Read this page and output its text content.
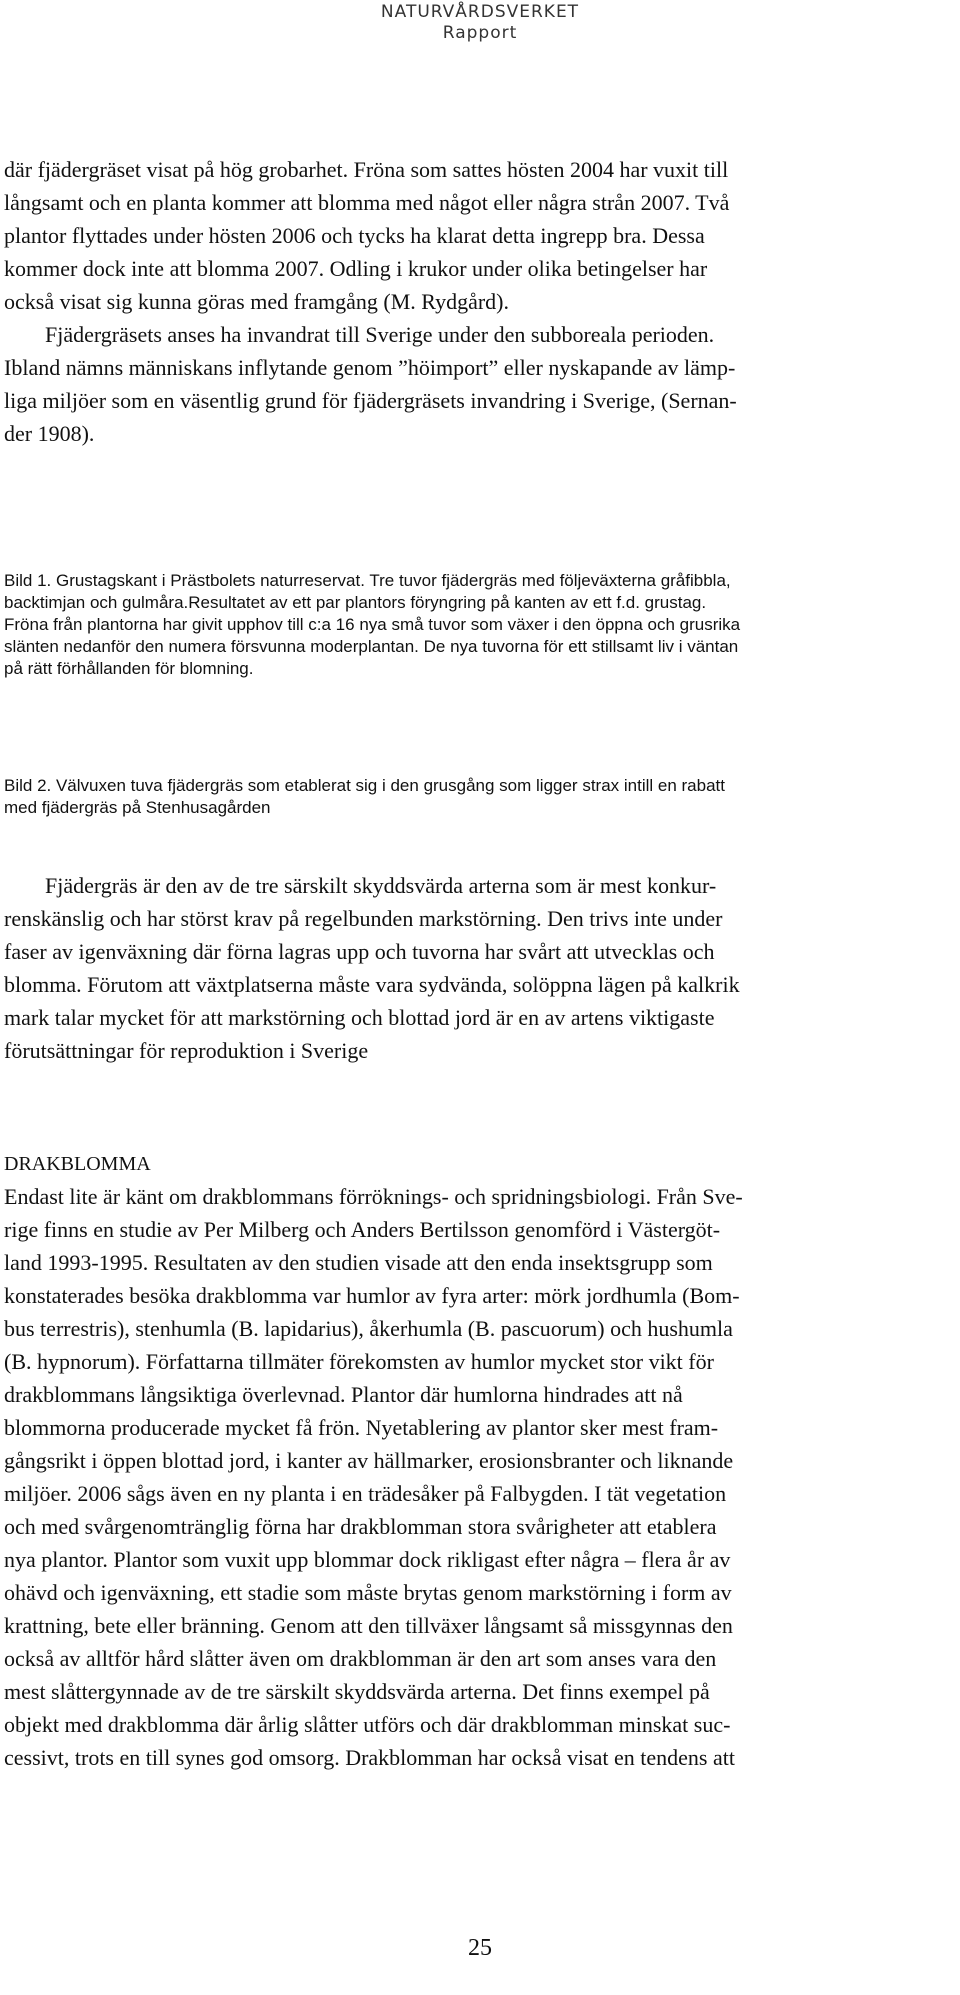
NATURVÅRDSVERKET
Rapport
där fjädergräset visat på hög grobarhet. Fröna som sattes hösten 2004 har vuxit till
långsamt och en planta kommer att blomma med något eller några strån 2007. Två
plantor flyttades under hösten 2006 och tycks ha klarat detta ingrepp bra. Dessa
kommer dock inte att blomma 2007. Odling i krukor under olika betingelser har
också visat sig kunna göras med framgång (M. Rydgård).
Fjädergräsets anses ha invandrat till Sverige under den subboreala perioden.
Ibland nämns människans inflytande genom ”höimport” eller nyskapande av lämp-
liga miljöer som en väsentlig grund för fjädergräsets invandring i Sverige, (Sernan-
der 1908).
Bild 1. Grustagskant i Prästbolets naturreservat. Tre tuvor fjädergräs med följeväxterna gråfibbla,
backtimjan och gulmåra.Resultatet av ett par plantors föryngring på kanten av ett f.d. grustag.
Fröna från plantorna har givit upphov till c:a 16 nya små tuvor som växer i den öppna och grusrika
slänten nedanför den numera försvunna moderplantan. De nya tuvorna för ett stillsamt liv i väntan
på rätt förhållanden för blomning.
Bild 2. Välvuxen tuva fjädergräs som etablerat sig i den grusgång som ligger strax intill en rabatt
med fjädergräs på Stenhusagården
Fjädergräs är den av de tre särskilt skyddsvärda arterna som är mest konkur-
renskänslig och har störst krav på regelbunden markstörning. Den trivs inte under
faser av igenväxning där förna lagras upp och tuvorna har svårt att utvecklas och
blomma. Förutom att växtplatserna måste vara sydvända, solöppna lägen på kalkrik
mark talar mycket för att markstörning och blottad jord är en av artens viktigaste
förutsättningar för reproduktion i Sverige
DRAKBLOMMA
Endast lite är känt om drakblommans förröknings- och spridningsbiologi. Från Sve-
rige finns en studie av Per Milberg och Anders Bertilsson genomförd i Västergöt-
land 1993-1995. Resultaten av den studien visade att den enda insektsgrupp som
konstaterades besöka drakblomma var humlor av fyra arter: mörk jordhumla (Bom-
bus terrestris), stenhumla (B. lapidarius), åkerhumla (B. pascuorum) och hushumla
(B. hypnorum). Författarna tillmäter förekomsten av humlor mycket stor vikt för
drakblommans långsiktiga överlevnad. Plantor där humlorna hindrades att nå
blommorna producerade mycket få frön. Nyetablering av plantor sker mest fram-
gångsrikt i öppen blottad jord, i kanter av hällmarker, erosionsbranter och liknande
miljöer. 2006 sågs även en ny planta i en trädesåker på Falbygden. I tät vegetation
och med svårgenomtränglig förna har drakblomman stora svårigheter att etablera
nya plantor. Plantor som vuxit upp blommar dock rikligast efter några – flera år av
ohävd och igenväxning, ett stadie som måste brytas genom markstörning i form av
krattning, bete eller bränning. Genom att den tillväxer långsamt så missgynnas den
också av alltför hård slåtter även om drakblomman är den art som anses vara den
mest slåttergynnade av de tre särskilt skyddsvärda arterna. Det finns exempel på
objekt med drakblomma där årlig slåtter utförs och där drakblomman minskat suc-
cessivt, trots en till synes god omsorg. Drakblomman har också visat en tendens att
25
